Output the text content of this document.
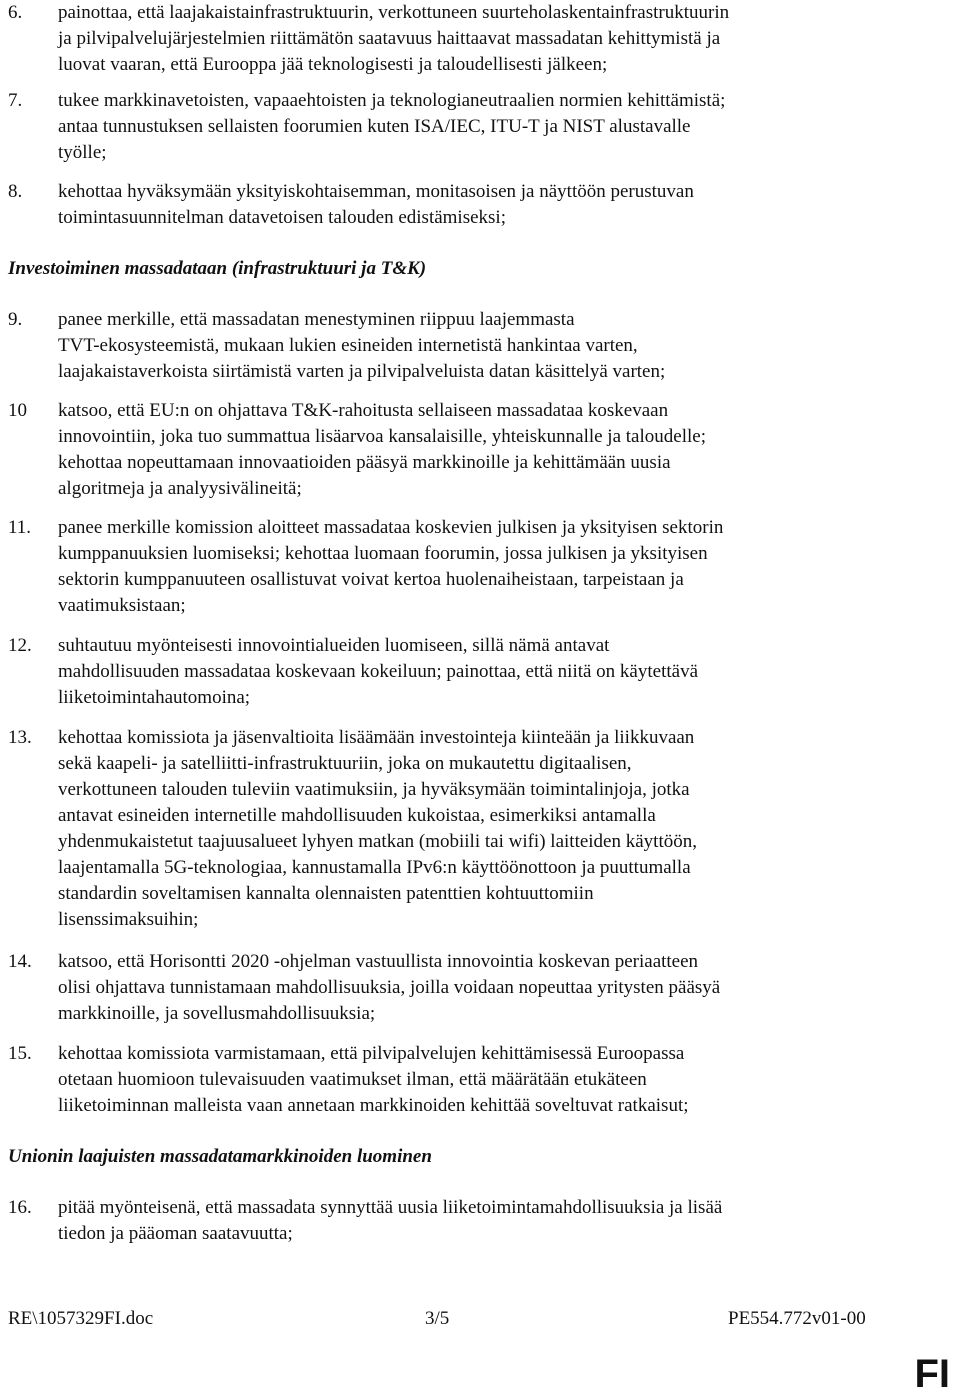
6.	painottaa, että laajakaistainfrastruktuurin, verkottuneen suurteholaskentainfrastruktuurin
ja pilvipalvelujärjestelmien riittämätön saatavuus haittaavat massadatan kehittymistä ja
luovat vaaran, että Eurooppa jää teknologisesti ja taloudellisesti jälkeen;
7.	tukee markkinavetoisten, vapaaehtoisten ja teknologianeutraalien normien kehittämistä;
antaa tunnustuksen sellaisten foorumien kuten ISA/IEC, ITU-T ja NIST alustavalle
työlle;
8.	kehottaa hyväksymään yksityiskohtaisemman, monitasoisen ja näyttöön perustuvan
toimintasuunnitelman datavetoisen talouden edistämiseksi;
Investoiminen massadataan (infrastruktuuri ja T&K)
9.	panee merkille, että massadatan menestyminen riippuu laajemmasta
TVT-ekosysteemistä, mukaan lukien esineiden internetistä hankintaa varten,
laajakaistaverkoista siirtämistä varten ja pilvipalveluista datan käsittelyä varten;
10	katsoo, että EU:n on ohjattava T&K-rahoitusta sellaiseen massadataa koskevaan
innovointiin, joka tuo summattua lisäarvoa kansalaisille, yhteiskunnalle ja taloudelle;
kehottaa nopeuttamaan innovaatioiden pääsyä markkinoille ja kehittämään uusia
algoritmeja ja analyysivälineitä;
11.	panee merkille komission aloitteet massadataa koskevien julkisen ja yksityisen sektorin
kumppanuuksien luomiseksi; kehottaa luomaan foorumin, jossa julkisen ja yksityisen
sektorin kumppanuuteen osallistuvat voivat kertoa huolenaiheistaan, tarpeistaan ja
vaatimuksistaan;
12.	suhtautuu myönteisesti innovointialueiden luomiseen, sillä nämä antavat
mahdollisuuden massadataa koskevaan kokeiluun; painottaa, että niitä on käytettävä
liiketoimintahautomoina;
13.	kehottaa komissiota ja jäsenvaltioita lisäämään investointeja kiinteään ja liikkuvaan
sekä kaapeli- ja satelliitti-infrastruktuuriin, joka on mukautettu digitaalisen,
verkottuneen talouden tuleviin vaatimuksiin, ja hyväksymään toimintalinjoja, jotka
antavat esineiden internetille mahdollisuuden kukoistaa, esimerkiksi antamalla
yhdenmukaistetut taajuusalueet lyhyen matkan (mobiili tai wifi) laitteiden käyttöön,
laajentamalla 5G-teknologiaa, kannustamalla IPv6:n käyttöönottoon ja puuttumalla
standardin soveltamisen kannalta olennaisten patenttien kohtuuttomiin
lisenssimaksuihin;
14.	katsoo, että Horisontti 2020 -ohjelman vastuullista innovointia koskevan periaatteen
olisi ohjattava tunnistamaan mahdollisuuksia, joilla voidaan nopeuttaa yritysten pääsyä
markkinoille, ja sovellusmahdollisuuksia;
15.	kehottaa komissiota varmistamaan, että pilvipalvelujen kehittämisessä Euroopassa
otetaan huomioon tulevaisuuden vaatimukset ilman, että määrätään etukäteen
liiketoiminnan malleista vaan annetaan markkinoiden kehittää soveltuvat ratkaisut;
Unionin laajuisten massadatamarkkinoiden luominen
16.	pitää myönteisenä, että massadata synnyttää uusia liiketoimintamahdollisuuksia ja lisää
tiedon ja pääoman saatavuutta;
RE\1057329FI.doc	3/5	PE554.772v01-00
FI
